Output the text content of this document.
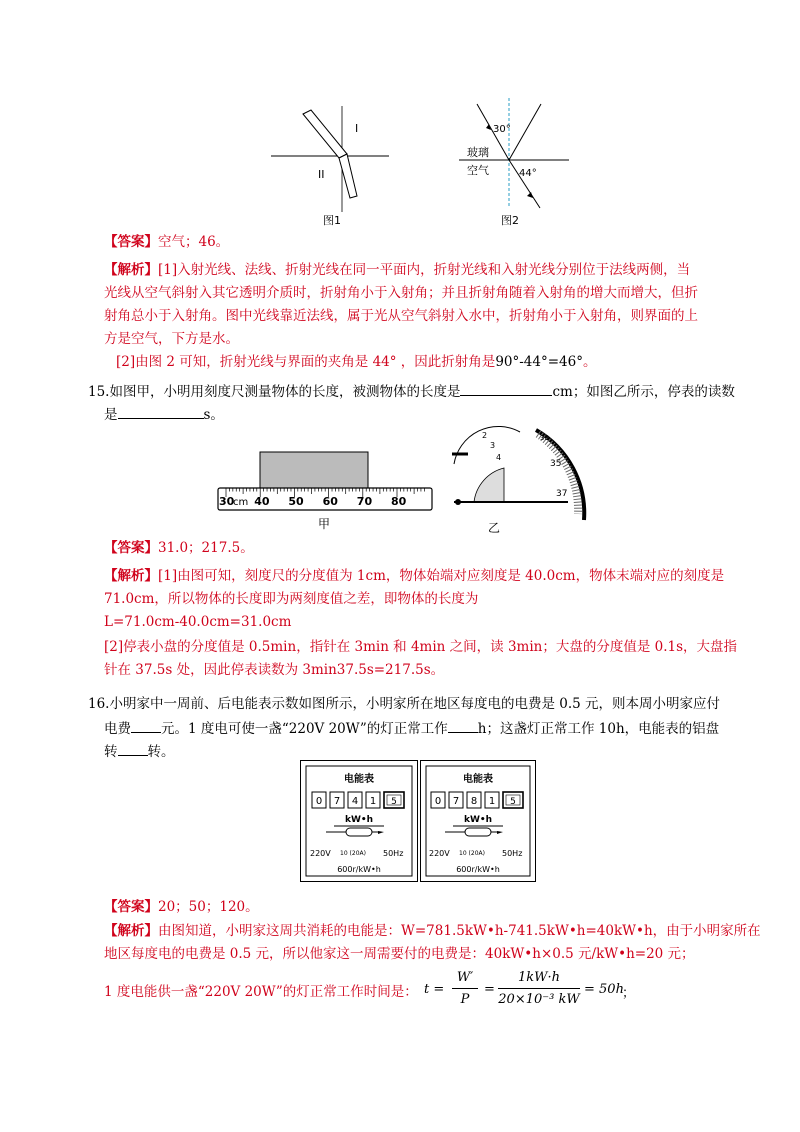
I
II
图1
30°
玻璃
空气	44°
图2
【答案】空气；46。
【解析】[1]入射光线、法线、折射光线在同一平面内，折射光线和入射光线分别位于法线两侧，当
光线从空气斜射入其它透明介质时，折射角小于入射角；并且折射角随着入射角的增大而增大，但折
射角总小于入射角。图中光线靠近法线，属于光从空气斜射入水中，折射角小于入射角，则界面的上
方是空气，下方是水。
[2]由图 2 可知，折射光线与界面的夹角是 44° ，因此折射角是90°-44°=46°。
15.如图甲，小明用刻度尺测量物体的长度，被测物体的长度是	cm；如图乙所示，停表的读数
是	s。
30 40 50 60 70 80
cm
甲
2
3
4
33
35
37
乙
【答案】31.0；217.5。
【解析】[1]由图可知，刻度尺的分度值为 1cm，物体始端对应刻度是 40.0cm，物体末端对应的刻度是
71.0cm，所以物体的长度即为两刻度值之差，即物体的长度为
L=71.0cm-40.0cm=31.0cm
[2]停表小盘的分度值是 0.5min，指针在 3min 和 4min 之间，读 3min；大盘的分度值是 0.1s，大盘指
针在 37.5s 处，因此停表读数为 3min37.5s=217.5s。
16.小明家中一周前、后电能表示数如图所示，小明家所在地区每度电的电费是 0.5 元，则本周小明家应付
电费 元。1 度电可使一盏“220V 20W”的灯正常工作 h；这盏灯正常工作 10h，电能表的铝盘
转 转。
电能表
0 7 4 1 5
kW•h
220V 10 (20A) 50Hz
600r/kW•h
电能表
0 7 8 1 5
kW•h
220V 10 (20A) 50Hz
600r/kW•h
【答案】20；50；120。
【解析】由图知道，小明家这周共消耗的电能是：W=781.5kW•h-741.5kW•h=40kW•h，由于小明家所在
地区每度电的电费是 0.5 元，所以他家这一周需要付的电费是：40kW•h×0.5 元/kW•h=20 元；
1 度电能供一盏“220V 20W”的灯正常工作时间是： t =
W′
P
=
1kW·h
20×10⁻³ kW
= 50h
；
